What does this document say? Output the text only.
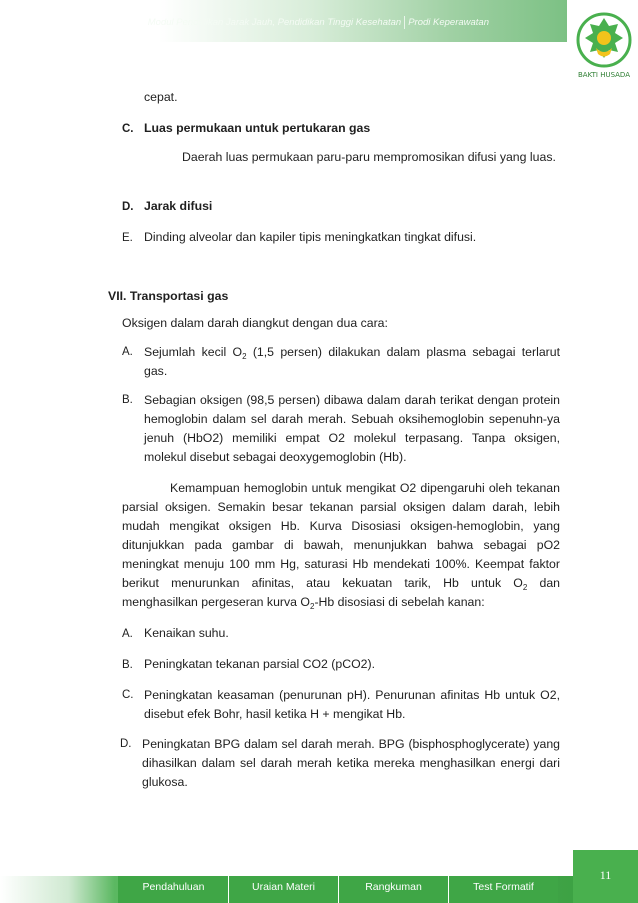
Modul Pendidikan Jarak Jauh, Pendidikan Tinggi Kesehatan Prodi Keperawatan
BAKTI HUSADA
cepat.
C. Luas permukaan untuk pertukaran gas
Daerah luas permukaan paru-paru mempromosikan difusi yang luas.
D. Jarak difusi
E. Dinding alveolar dan kapiler tipis meningkatkan tingkat difusi.
VII. Transportasi gas
Oksigen dalam darah diangkut dengan dua cara:
A. Sejumlah kecil $O_2$ (1,5 persen) dilakukan dalam plasma sebagai terlarut gas.
B. Sebagian oksigen (98,5 persen) dibawa dalam darah terikat dengan protein hemoglobin dalam sel darah merah. Sebuah oksihemoglobin sepenuhn-ya jenuh (HbO2) memiliki empat O2 molekul terpasang. Tanpa oksigen, molekul disebut sebagai deoxygemoglobin (Hb).
Kemampuan hemoglobin untuk mengikat O2 dipengaruhi oleh tekanan parsial oksigen. Semakin besar tekanan parsial oksigen dalam darah, lebih mudah mengikat oksigen Hb. Kurva Disosiasi oksigen-hemoglobin, yang ditunjukkan pada gambar di bawah, menunjukkan bahwa sebagai pO2 meningkat menuju 100 mm Hg, saturasi Hb mendekati 100%. Keempat faktor berikut menurunkan afinitas, atau kekuatan tarik, Hb untuk $O_2$ dan menghasilkan pergeseran kurva $O_2-Hb$ disosiasi di sebelah kanan:
A. Kenaikan suhu.
B. Peningkatan tekanan parsial CO2 (pCO2).
C. Peningkatan keasaman (penurunan pH). Penurunan afinitas Hb untuk O2, disebut efek Bohr, hasil ketika H + mengikat Hb.
D. Peningkatan BPG dalam sel darah merah. BPG (bisphosphoglycerate) yang dihasilkan dalam sel darah merah ketika mereka menghasilkan energi dari glukosa.
Pendahuluan	Uraian Materi	Rangkuman	Test Formatif
11
